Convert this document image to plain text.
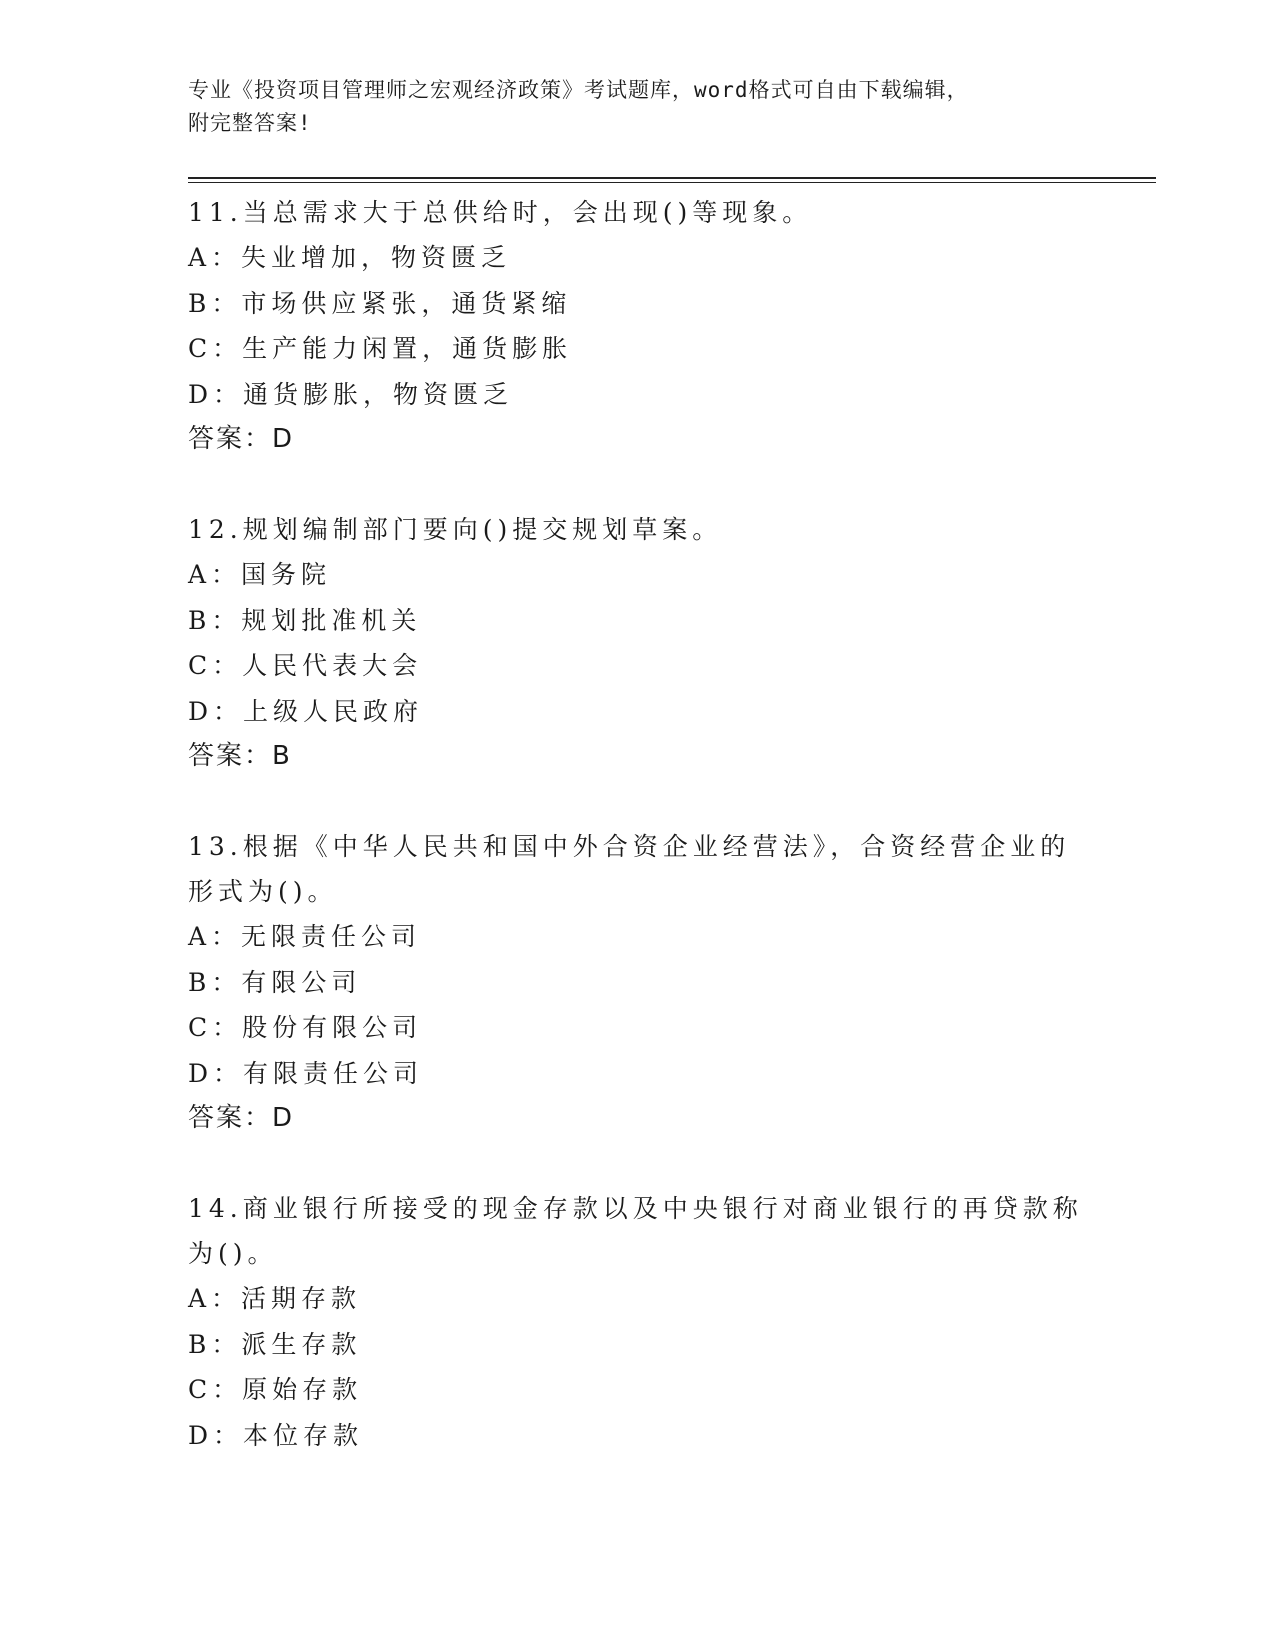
专业《投资项目管理师之宏观经济政策》考试题库，word格式可自由下载编辑，
附完整答案!

11.当总需求大于总供给时，会出现()等现象。

A：失业增加，物资匮乏

B：市场供应紧张，通货紧缩

C：生产能力闲置，通货膨胀

D：通货膨胀，物资匮乏

答案：D

12.规划编制部门要向()提交规划草案。

A：国务院

B：规划批准机关

C：人民代表大会

D：上级人民政府

答案：B

13.根据《中华人民共和国中外合资企业经营法》，合资经营企业的形式为()。

A：无限责任公司

B：有限公司

C：股份有限公司

D：有限责任公司

答案：D

14.商业银行所接受的现金存款以及中央银行对商业银行的再贷款称为()。

A：活期存款

B：派生存款

C：原始存款

D：本位存款
